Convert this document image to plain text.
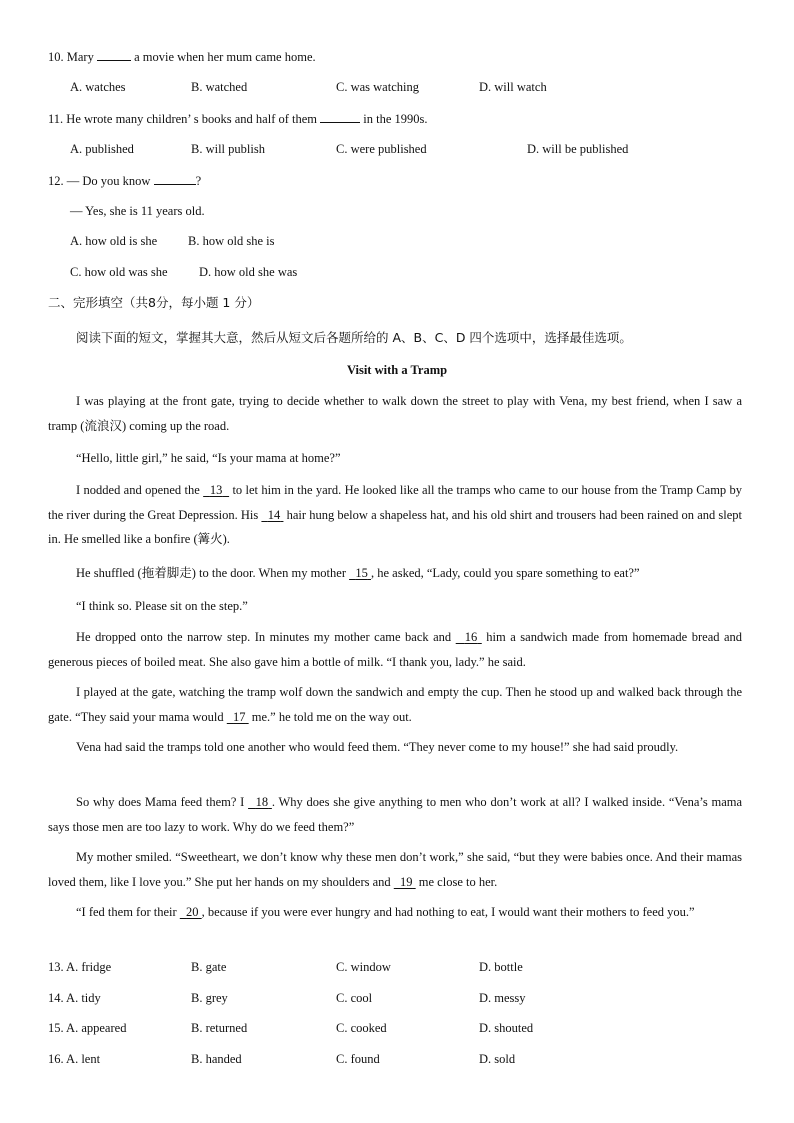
10. Mary	a movie when her mum came home.
A. watches	B. watched	C. was watching	D. will watch
11. He wrote many children’ s books and half of them	in the 1990s.
A. published	B. will publish	C. were published	D. will be published
12. — Do you know	?
— Yes, she is 11 years old.
A. how old is she B. how old she is
C. how old was she	D. how old she was
二、完形填空（共8分，每小题 1 分）
阅读下面的短文，掌握其大意，然后从短文后各题所给的 A、B、C、D 四个选项中，选择最佳选项。
Visit with a Tramp
I was playing at the front gate, trying to decide whether to walk down the street to play with Vena, my best friend, when I saw a tramp (流浪汉) coming up the road.
“Hello, little girl,” he said, “Is your mama at home?”
I nodded and opened the 13 to let him in the yard. He looked like all the tramps who came to our house from the Tramp Camp by the river during the Great Depression. His 14 hair hung below a shapeless hat, and his old shirt and trousers had been rained on and slept in. He smelled like a bonfire (篝火).
He shuffled (拖着脚走) to the door. When my mother 15 , he asked, “Lady, could you spare something to eat?”
“I think so. Please sit on the step.”
He dropped onto the narrow step. In minutes my mother came back and 16 him a sandwich made from homemade bread and generous pieces of boiled meat. She also gave him a bottle of milk. “I thank you, lady.” he said.
I played at the gate, watching the tramp wolf down the sandwich and empty the cup. Then he stood up and walked back through the gate. “They said your mama would 17 me.” he told me on the way out.
Vena had said the tramps told one another who would feed them. “They never come to my house!” she had said proudly.
So why does Mama feed them? I 18 . Why does she give anything to men who don’t work at all? I walked inside. “Vena’s mama says those men are too lazy to work. Why do we feed them?”
My mother smiled. “Sweetheart, we don’t know why these men don’t work,” she said, “but they were babies once. And their mamas loved them, like I love you.” She put her hands on my shoulders and 19 me close to her.
“I fed them for their 20 , because if you were ever hungry and had nothing to eat, I would want their mothers to feed you.”
13. A. fridge	B. gate	C. window	D. bottle
14. A. tidy	B. grey	C. cool	D. messy
15. A. appeared	B. returned	C. cooked	D. shouted
16. A. lent	B. handed	C. found	D. sold
